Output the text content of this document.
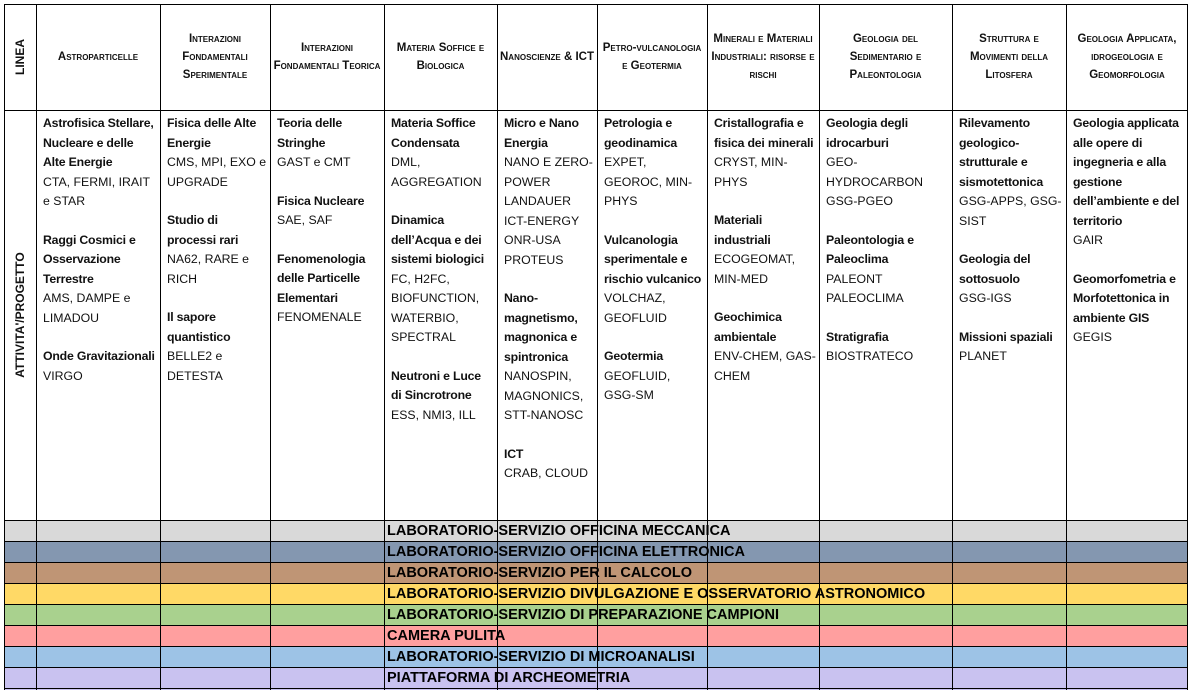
LABORATORIO-SERVIZIO OFFICINA MECCANICA
LABORATORIO-SERVIZIO OFFICINA ELETTRONICA
LABORATORIO-SERVIZIO PER IL CALCOLO
LABORATORIO-SERVIZIO DIVULGAZIONE E OSSERVATORIO ASTRONOMICO
LABORATORIO-SERVIZIO DI PREPARAZIONE CAMPIONI
CAMERA PULITA
LABORATORIO-SERVIZIO DI MICROANALISI
PIATTAFORMA DI ARCHEOMETRIA
LINEA
ATTIVITA'/PROGETTO
Astroparticelle
Interazioni Fondamentali Sperimentale
Interazioni Fondamentali Teorica
Materia Soffice e Biologica
Nanoscienze & ICT
Petro-vulcanologia e Geotermia
Minerali e Materiali Industriali: risorse e rischi
Geologia del Sedimentario e Paleontologia
Struttura e Movimenti della Litosfera
Geologia Applicata, idrogeologia e Geomorfologia
Astrofisica Stellare, Nucleare e delle Alte Energie
CTA, FERMI, IRAIT e STAR
Raggi Cosmici e Osservazione Terrestre
AMS, DAMPE e LIMADOU
Onde Gravitazionali
VIRGO
Fisica delle Alte Energie
CMS, MPI, EXO e UPGRADE
Studio di processi rari
NA62, RARE e RICH
Il sapore quantistico
BELLE2 e DETESTA
Teoria delle Stringhe
GAST e CMT
Fisica Nucleare
SAE, SAF
Fenomenologia delle Particelle Elementari
FENOMENALE
Materia Soffice Condensata
DML, AGGREGATION
Dinamica dell’Acqua e dei sistemi biologici
FC, H2FC, BIOFUNCTION, WATERBIO, SPECTRAL
Neutroni e Luce di Sincrotrone
ESS, NMI3, ILL
Micro e Nano Energia
NANO E ZERO-POWER LANDAUER ICT-ENERGY ONR-USA PROTEUS
Nano-magnetismo, magnonica e spintronica
NANOSPIN, MAGNONICS, STT-NANOSC
ICT
CRAB, CLOUD
Petrologia e geodinamica
EXPET, GEOROC, MIN-PHYS
Vulcanologia sperimentale e rischio vulcanico
VOLCHAZ, GEOFLUID
Geotermia
GEOFLUID, GSG-SM
Cristallografia e fisica dei minerali
CRYST, MIN-PHYS
Materiali industriali
ECOGEOMAT, MIN-MED
Geochimica ambientale
ENV-CHEM, GAS-CHEM
Geologia degli idrocarburi
GEO-HYDROCARBON GSG-PGEO
Paleontologia e Paleoclima
PALEONT PALEOCLIMA
Stratigrafia
BIOSTRATECO
Rilevamento geologico-strutturale e sismotettonica
GSG-APPS, GSG-SIST
Geologia del sottosuolo
GSG-IGS
Missioni spaziali
PLANET
Geologia applicata alle opere di ingegneria e alla gestione dell’ambiente e del territorio
GAIR
Geomorfometria e Morfotettonica in ambiente GIS
GEGIS
